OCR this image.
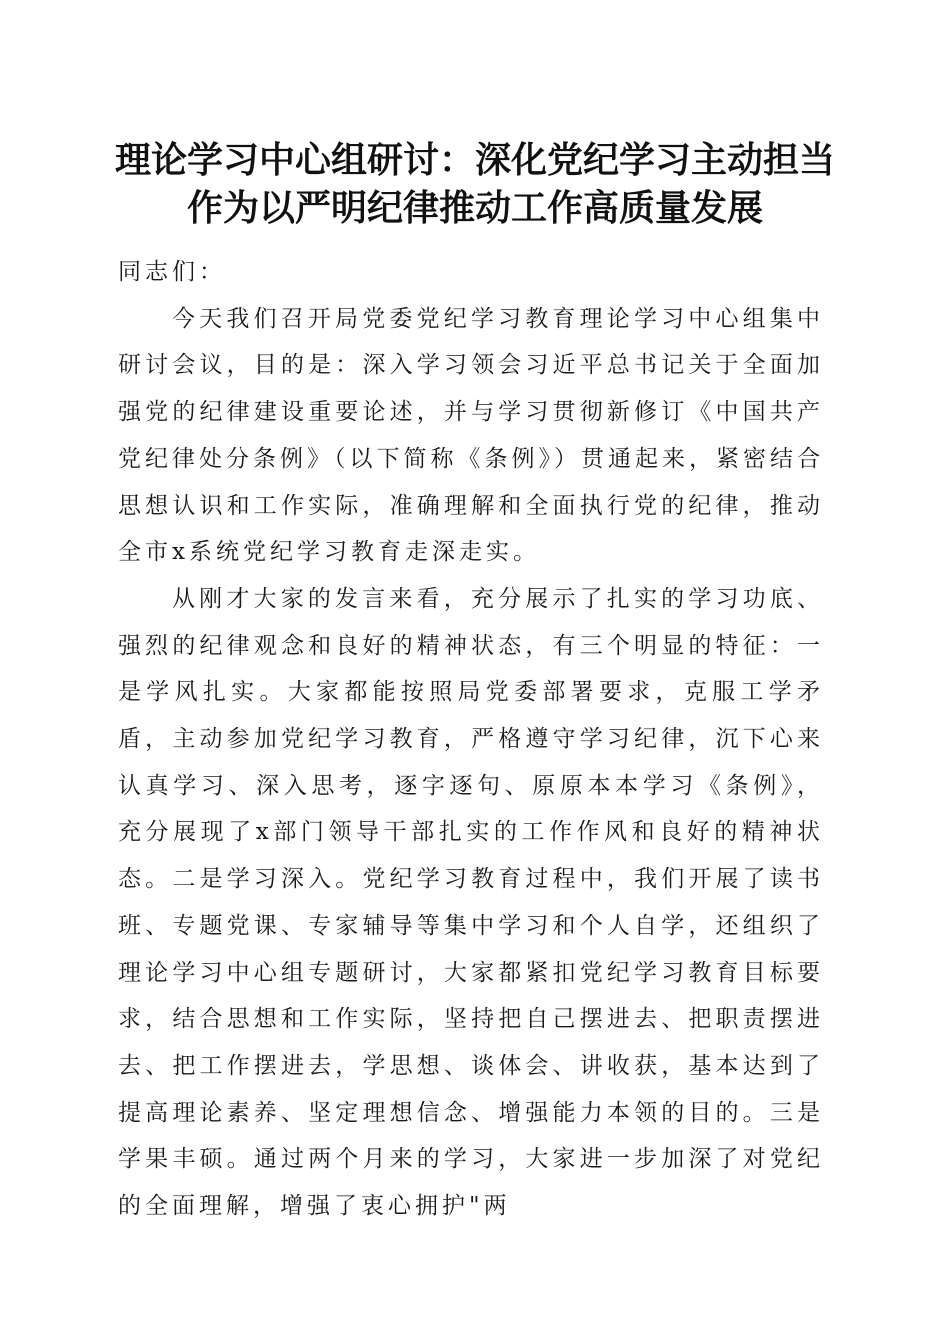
理论学习中心组研讨：深化党纪学习主动担当
作为以严明纪律推动工作高质量发展

同志们：

今天我们召开局党委党纪学习教育理论学习中心组集中研讨会议，目的是：深入学习领会习近平总书记关于全面加强党的纪律建设重要论述，并与学习贯彻新修订《中国共产党纪律处分条例》（以下简称《条例》）贯通起来，紧密结合思想认识和工作实际，准确理解和全面执行党的纪律，推动全市x系统党纪学习教育走深走实。

从刚才大家的发言来看，充分展示了扎实的学习功底、强烈的纪律观念和良好的精神状态，有三个明显的特征：一是学风扎实。大家都能按照局党委部署要求，克服工学矛盾，主动参加党纪学习教育，严格遵守学习纪律，沉下心来认真学习、深入思考，逐字逐句、原原本本学习《条例》，充分展现了x部门领导干部扎实的工作作风和良好的精神状态。二是学习深入。党纪学习教育过程中，我们开展了读书班、专题党课、专家辅导等集中学习和个人自学，还组织了理论学习中心组专题研讨，大家都紧扣党纪学习教育目标要求，结合思想和工作实际，坚持把自己摆进去、把职责摆进去、把工作摆进去，学思想、谈体会、讲收获，基本达到了提高理论素养、坚定理想信念、增强能力本领的目的。三是学果丰硕。通过两个月来的学习，大家进一步加深了对党纪的全面理解，增强了衷心拥护"两
